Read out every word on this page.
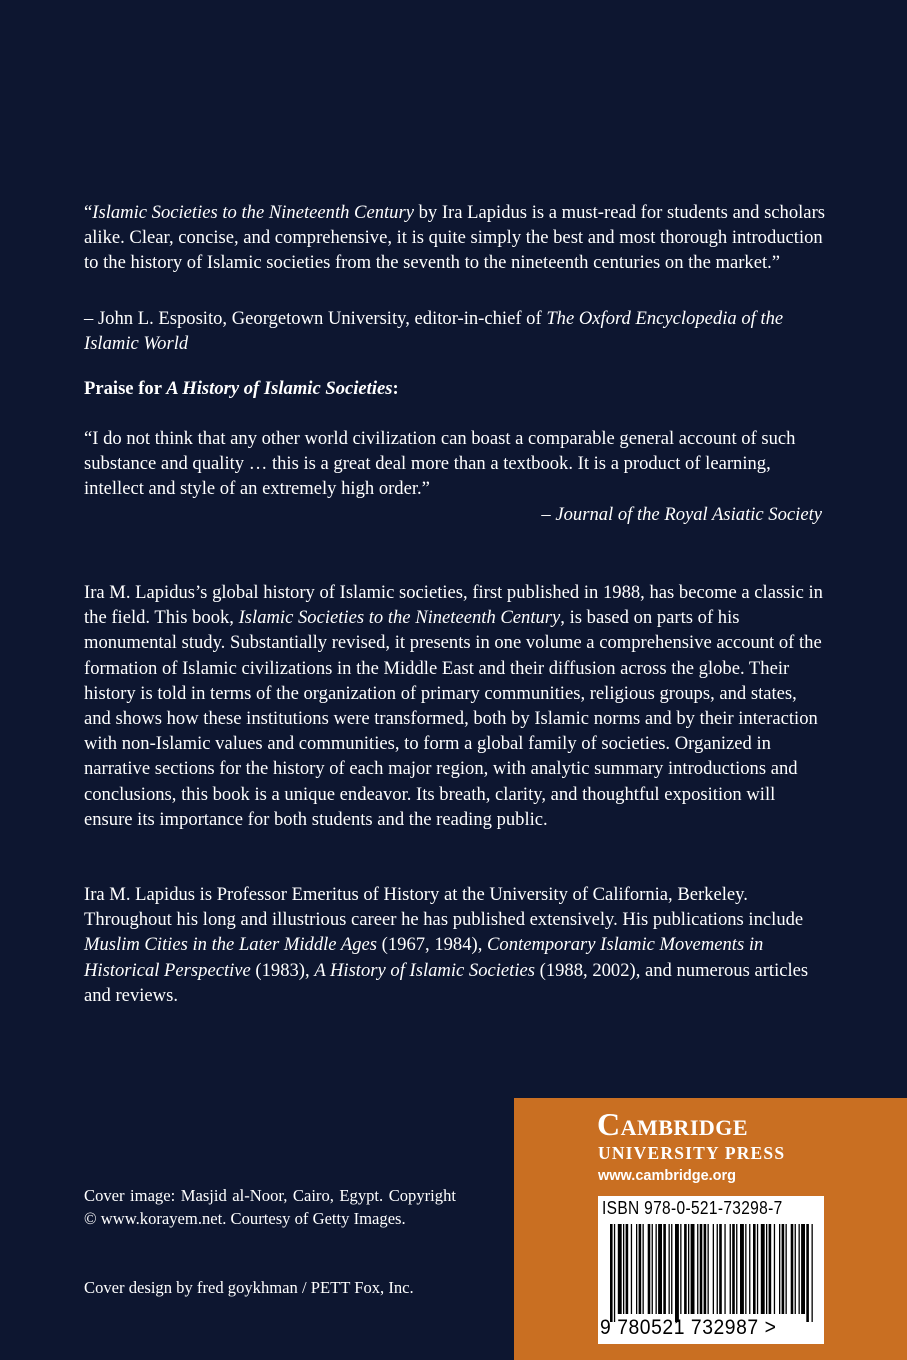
“Islamic Societies to the Nineteenth Century by Ira Lapidus is a must-read for students and scholars alike. Clear, concise, and comprehensive, it is quite simply the best and most thorough introduction to the history of Islamic societies from the seventh to the nineteenth centuries on the market.”

– John L. Esposito, Georgetown University, editor-in-chief of The Oxford Encyclopedia of the Islamic World

Praise for A History of Islamic Societies:

“I do not think that any other world civilization can boast a comparable general account of such substance and quality … this is a great deal more than a textbook. It is a product of learning, intellect and style of an extremely high order.”

– Journal of the Royal Asiatic Society

Ira M. Lapidus’s global history of Islamic societies, first published in 1988, has become a classic in the field. This book, Islamic Societies to the Nineteenth Century, is based on parts of his monumental study. Substantially revised, it presents in one volume a comprehensive account of the formation of Islamic civilizations in the Middle East and their diffusion across the globe. Their history is told in terms of the organization of primary communities, religious groups, and states, and shows how these institutions were transformed, both by Islamic norms and by their interaction with non-Islamic values and communities, to form a global family of societies. Organized in narrative sections for the history of each major region, with analytic summary introductions and conclusions, this book is a unique endeavor. Its breath, clarity, and thoughtful exposition will ensure its importance for both students and the reading public.

Ira M. Lapidus is Professor Emeritus of History at the University of California, Berkeley. Throughout his long and illustrious career he has published extensively. His publications include Muslim Cities in the Later Middle Ages (1967, 1984), Contemporary Islamic Movements in Historical Perspective (1983), A History of Islamic Societies (1988, 2002), and numerous articles and reviews.

Cover image: Masjid al-Noor, Cairo, Egypt. Copyright © www.korayem.net. Courtesy of Getty Images.
Cover design by fred goykhman / PETT Fox, Inc.
Cambridge
UNIVERSITY PRESS
www.cambridge.org
ISBN 978-0-521-73298-7
9 780521 732987 >
